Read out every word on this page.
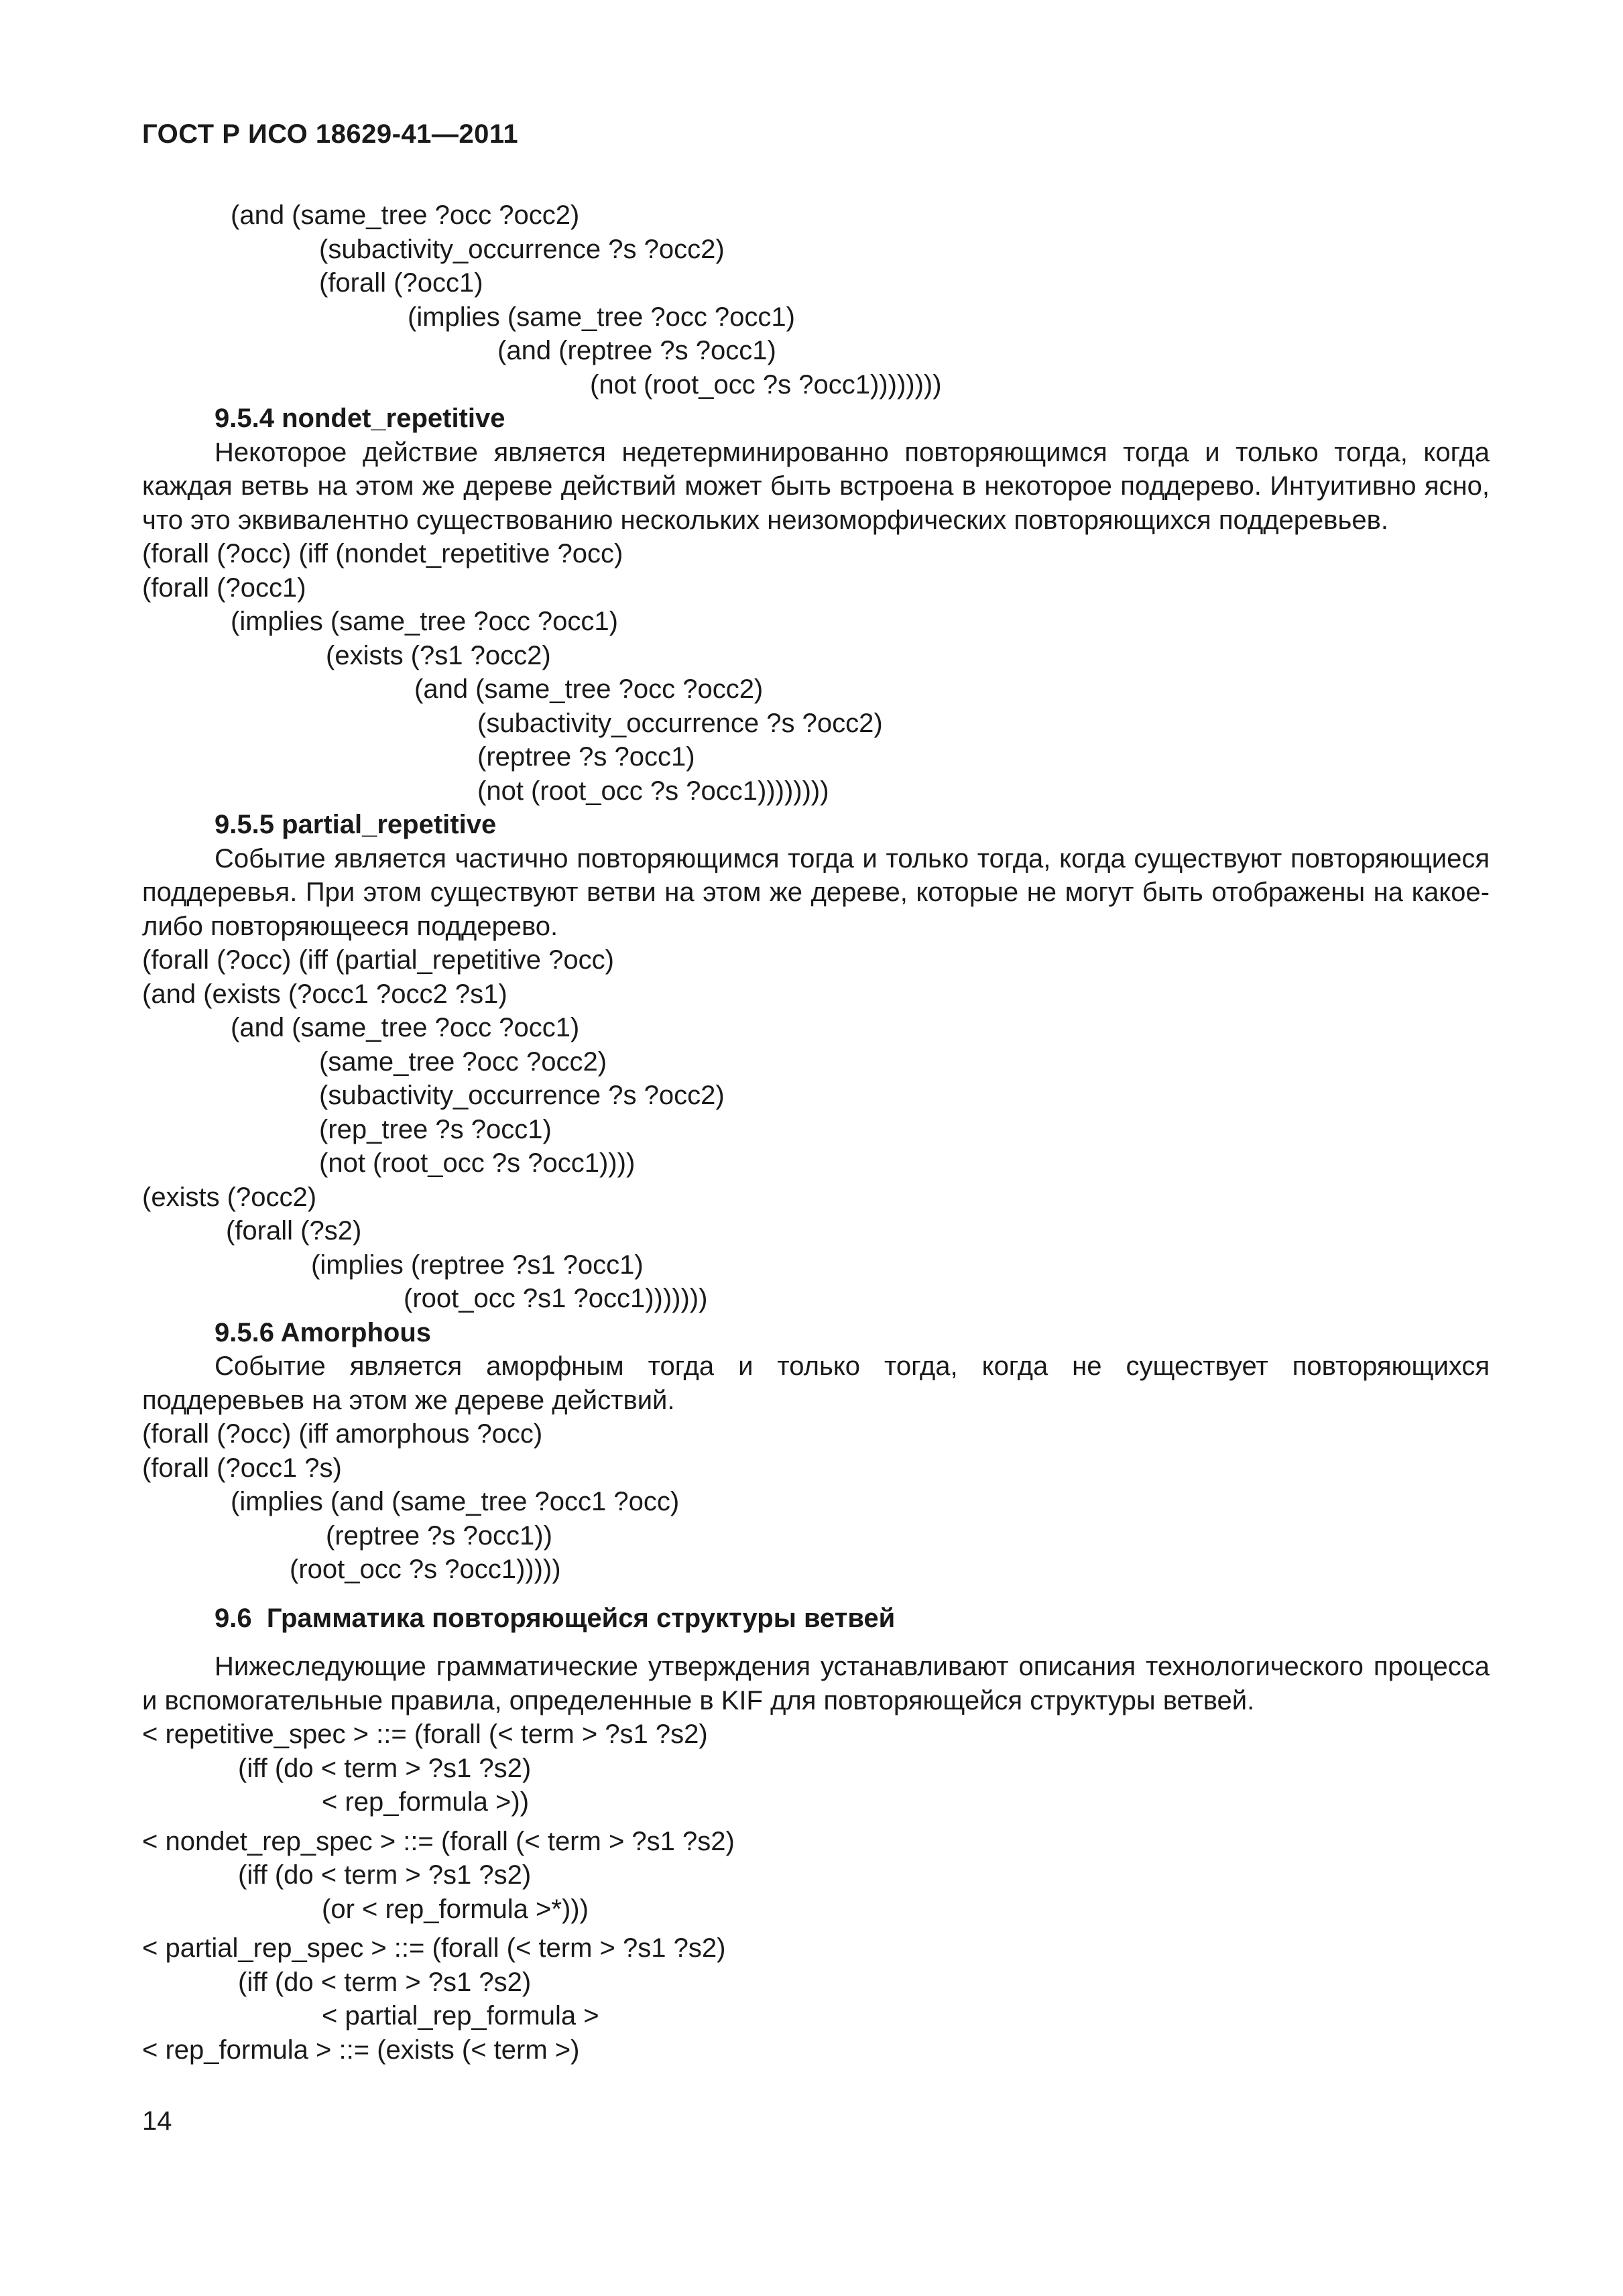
ГОСТ Р ИСО 18629-41—2011
(and (same_tree ?occ ?occ2)
(subactivity_occurrence ?s ?occ2)
(forall (?occ1)
(implies (same_tree ?occ ?occ1)
(and (reptree ?s ?occ1)
(not (root_occ ?s ?occ1))))))))
9.5.4 nondet_repetitive
Некоторое действие является недетерминированно повторяющимся тогда и только тогда, когда каждая ветвь на этом же дереве действий может быть встроена в некоторое поддерево. Интуитивно ясно, что это эквивалентно существованию нескольких неизоморфических повторяющихся поддеревьев.
(forall (?occ) (iff (nondet_repetitive ?occ)
(forall (?occ1)
(implies (same_tree ?occ ?occ1)
(exists (?s1 ?occ2)
(and (same_tree ?occ ?occ2)
(subactivity_occurrence ?s ?occ2)
(reptree ?s ?occ1)
(not (root_occ ?s ?occ1))))))))
9.5.5 partial_repetitive
Событие является частично повторяющимся тогда и только тогда, когда существуют повторяющиеся поддеревья. При этом существуют ветви на этом же дереве, которые не могут быть отображены на какое-либо повторяющееся поддерево.
(forall (?occ) (iff (partial_repetitive ?occ)
(and (exists (?occ1 ?occ2 ?s1)
(and (same_tree ?occ ?occ1)
(same_tree ?occ ?occ2)
(subactivity_occurrence ?s ?occ2)
(rep_tree ?s ?occ1)
(not (root_occ ?s ?occ1))))
(exists (?occ2)
(forall (?s2)
(implies (reptree ?s1 ?occ1)
(root_occ ?s1 ?occ1)))))))
9.5.6 Amorphous
Событие является аморфным тогда и только тогда, когда не существует повторяющихся поддеревьев на этом же дереве действий.
(forall (?occ) (iff amorphous ?occ)
(forall (?occ1 ?s)
(implies (and (same_tree ?occ1 ?occ)
(reptree ?s ?occ1))
(root_occ ?s ?occ1)))))
9.6  Грамматика повторяющейся структуры ветвей
Нижеследующие грамматические утверждения устанавливают описания технологического процесса и вспомогательные правила, определенные в KIF для повторяющейся структуры ветвей.
< repetitive_spec > ::= (forall (< term > ?s1 ?s2)
(iff (do < term > ?s1 ?s2)
< rep_formula >))
< nondet_rep_spec > ::= (forall (< term > ?s1 ?s2)
(iff (do < term > ?s1 ?s2)
(or < rep_formula >*)))
< partial_rep_spec > ::= (forall (< term > ?s1 ?s2)
(iff (do < term > ?s1 ?s2)
< partial_rep_formula >
< rep_formula > ::= (exists (< term >)
14
